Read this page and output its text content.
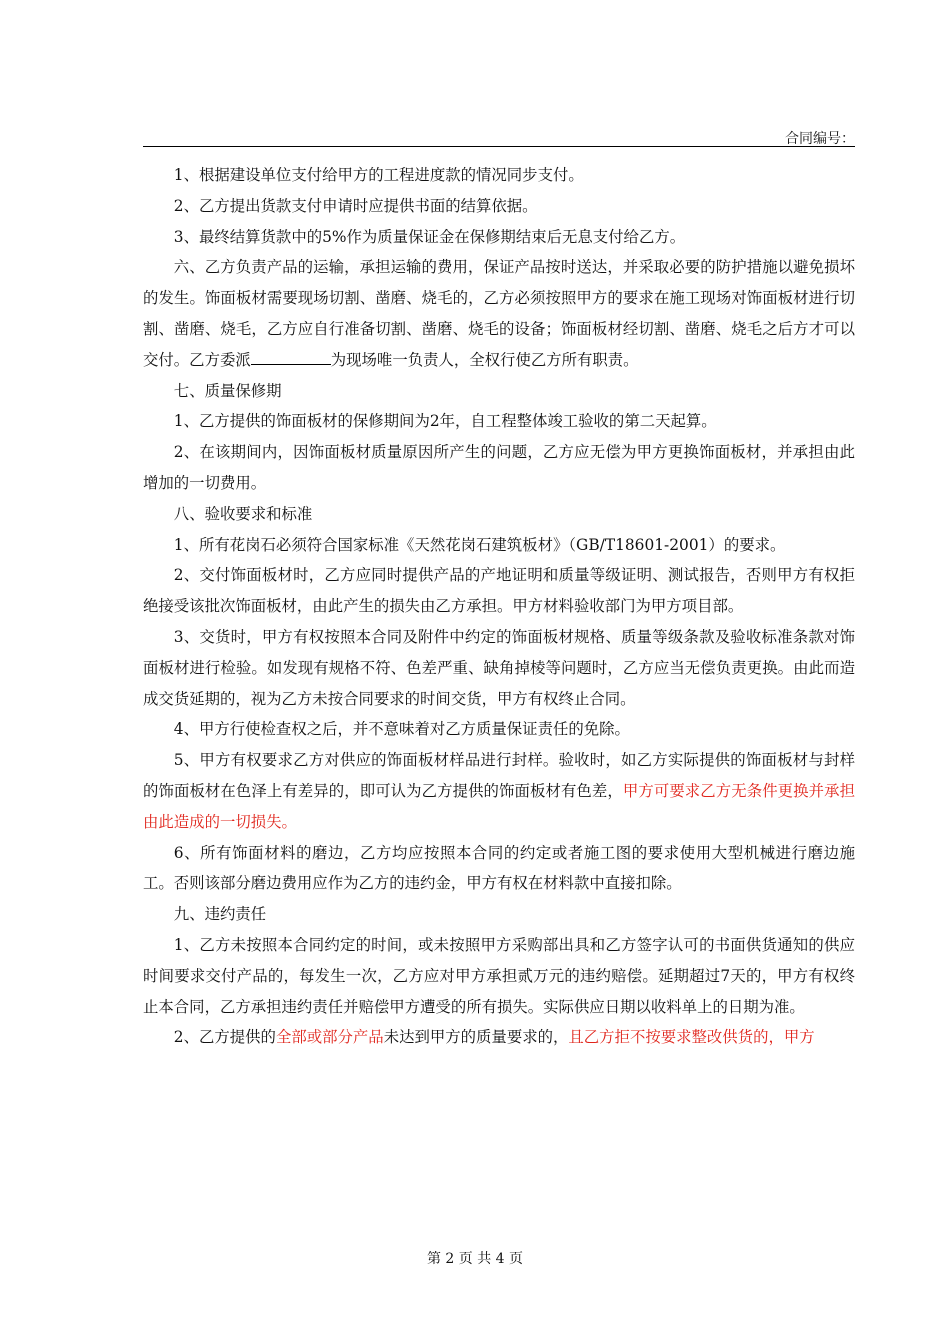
合同编号：

1、根据建设单位支付给甲方的工程进度款的情况同步支付。

2、乙方提出货款支付申请时应提供书面的结算依据。

3、最终结算货款中的5%作为质量保证金在保修期结束后无息支付给乙方。

六、乙方负责产品的运输，承担运输的费用，保证产品按时送达，并采取必要的防护措施以避免损坏的发生。饰面板材需要现场切割、凿磨、烧毛的，乙方必须按照甲方的要求在施工现场对饰面板材进行切割、凿磨、烧毛，乙方应自行准备切割、凿磨、烧毛的设备；饰面板材经切割、凿磨、烧毛之后方才可以交付。乙方委派	为现场唯一负责人，全权行使乙方所有职责。

七、质量保修期

1、乙方提供的饰面板材的保修期间为2年，自工程整体竣工验收的第二天起算。

2、在该期间内，因饰面板材质量原因所产生的问题，乙方应无偿为甲方更换饰面板材，并承担由此增加的一切费用。

八、验收要求和标准

1、所有花岗石必须符合国家标准《天然花岗石建筑板材》（GB/T18601-2001）的要求。

2、交付饰面板材时，乙方应同时提供产品的产地证明和质量等级证明、测试报告，否则甲方有权拒绝接受该批次饰面板材，由此产生的损失由乙方承担。甲方材料验收部门为甲方项目部。

3、交货时，甲方有权按照本合同及附件中约定的饰面板材规格、质量等级条款及验收标准条款对饰面板材进行检验。如发现有规格不符、色差严重、缺角掉棱等问题时，乙方应当无偿负责更换。由此而造成交货延期的，视为乙方未按合同要求的时间交货，甲方有权终止合同。

4、甲方行使检查权之后，并不意味着对乙方质量保证责任的免除。

5、甲方有权要求乙方对供应的饰面板材样品进行封样。验收时，如乙方实际提供的饰面板材与封样的饰面板材在色泽上有差异的，即可认为乙方提供的饰面板材有色差，甲方可要求乙方无条件更换并承担由此造成的一切损失。

6、所有饰面材料的磨边，乙方均应按照本合同的约定或者施工图的要求使用大型机械进行磨边施工。否则该部分磨边费用应作为乙方的违约金，甲方有权在材料款中直接扣除。

九、违约责任

1、乙方未按照本合同约定的时间，或未按照甲方采购部出具和乙方签字认可的书面供货通知的供应时间要求交付产品的，每发生一次，乙方应对甲方承担贰万元的违约赔偿。延期超过7天的，甲方有权终止本合同，乙方承担违约责任并赔偿甲方遭受的所有损失。实际供应日期以收料单上的日期为准。

2、乙方提供的全部或部分产品未达到甲方的质量要求的，且乙方拒不按要求整改供货的，甲方

第 2 页 共 4 页
